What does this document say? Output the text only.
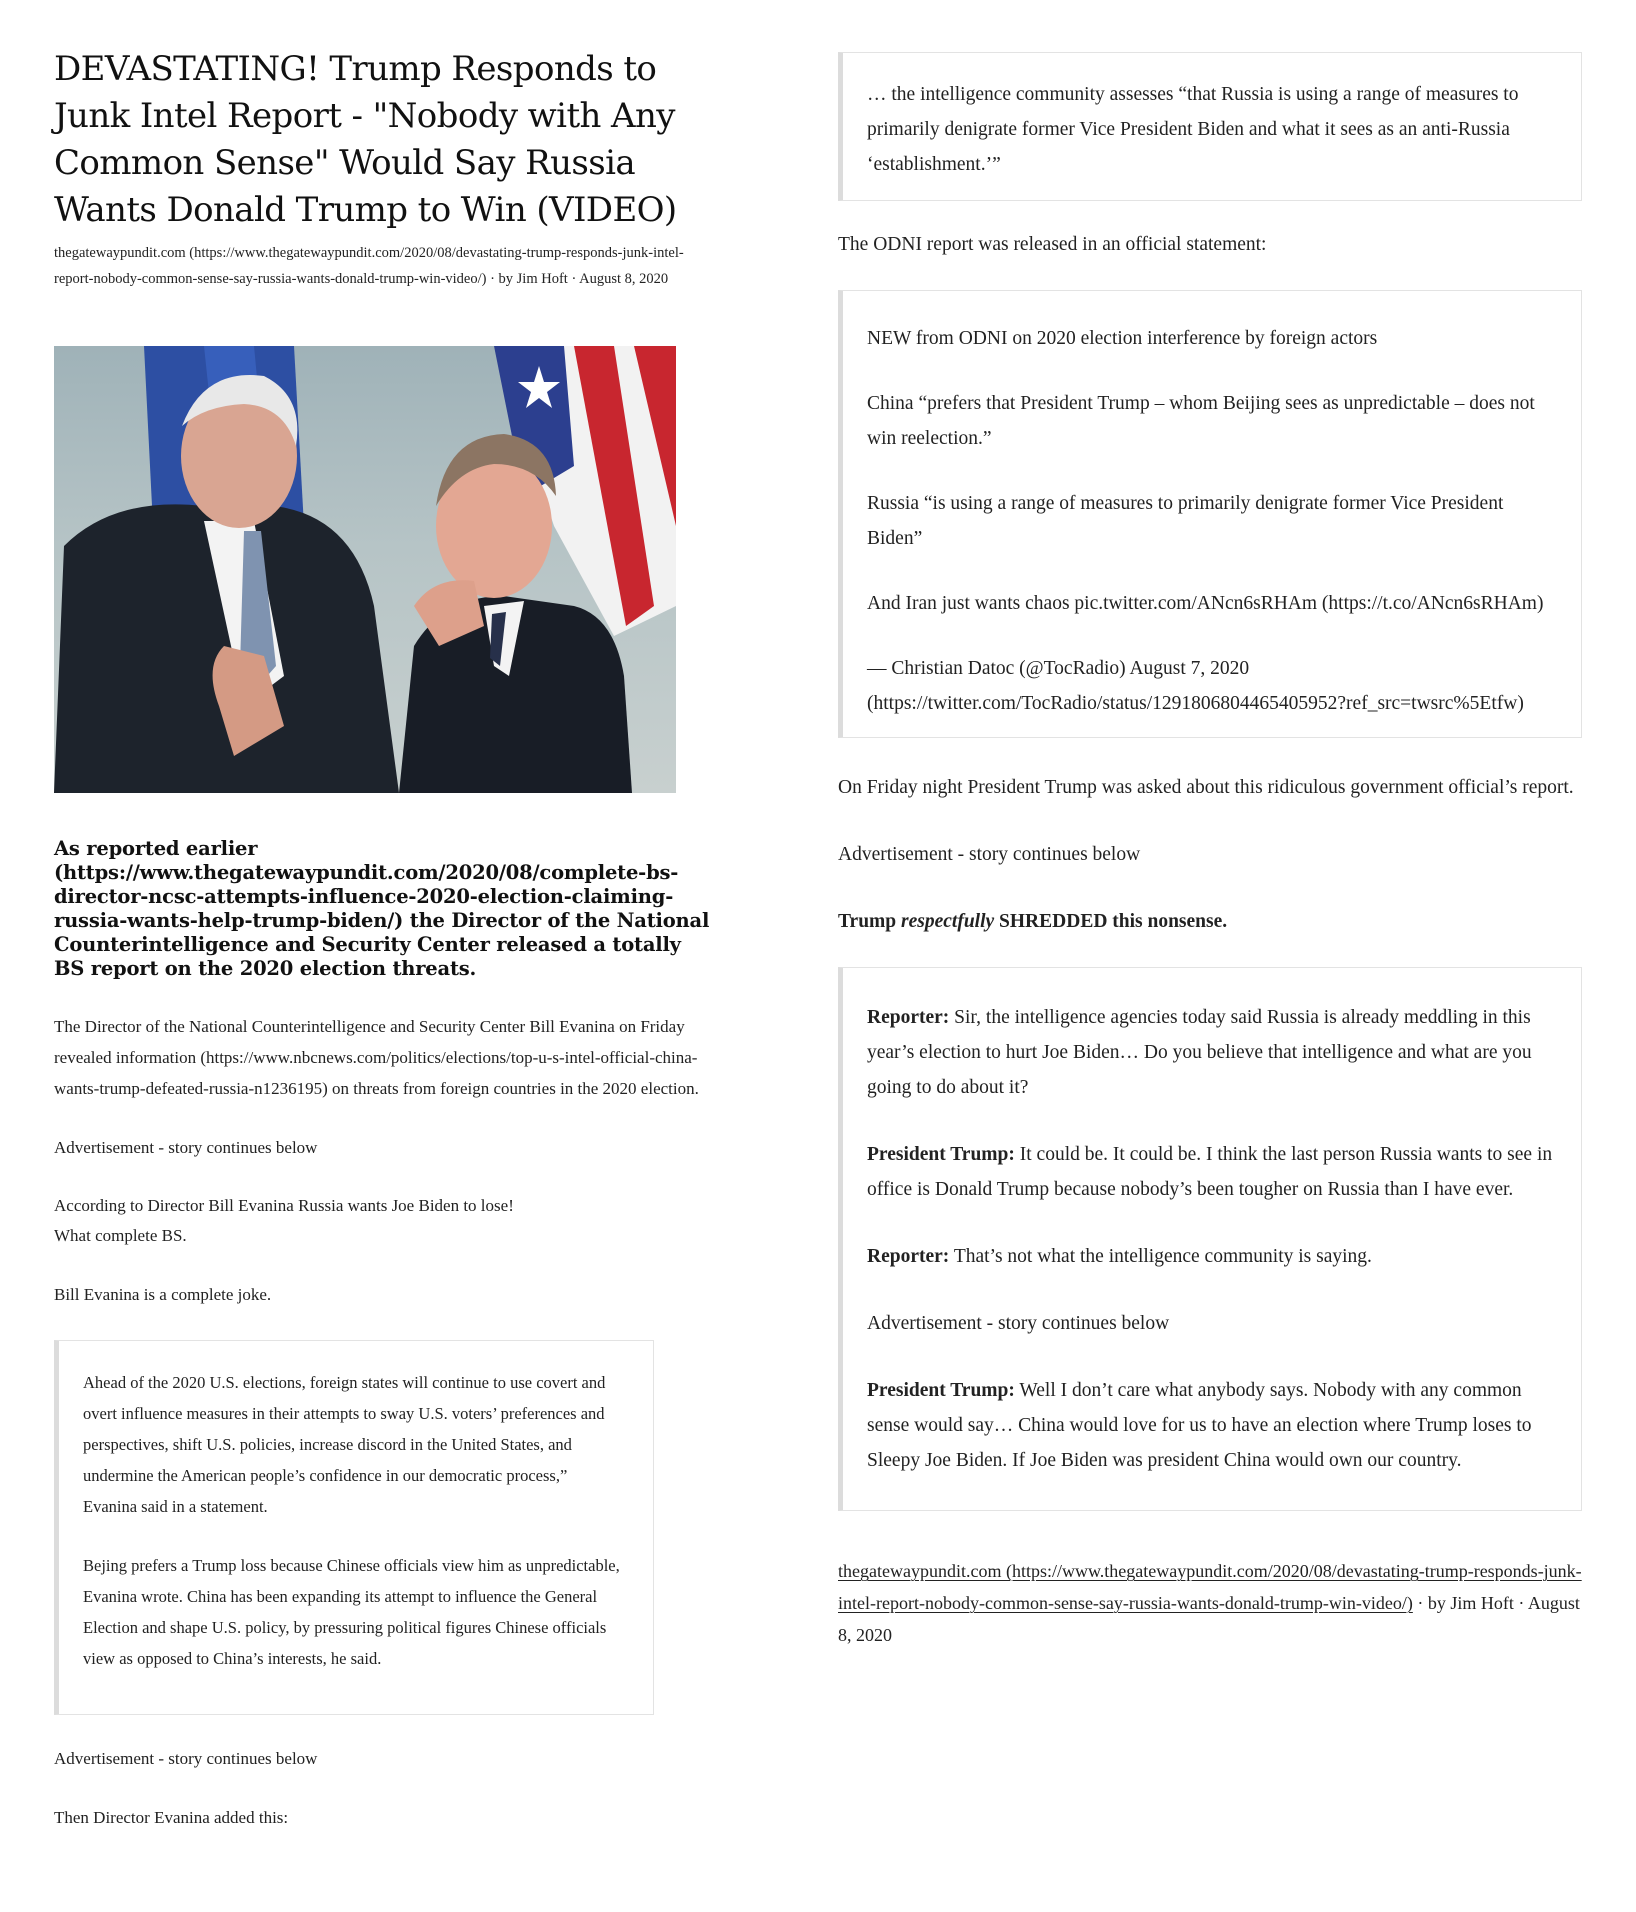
DEVASTATING! Trump Responds to Junk Intel Report - "Nobody with Any Common Sense" Would Say Russia Wants Donald Trump to Win (VIDEO)

thegatewaypundit.com (https://www.thegatewaypundit.com/2020/08/devastating-trump-responds-junk-intel-report-nobody-common-sense-say-russia-wants-donald-trump-win-video/) · by Jim Hoft · August 8, 2020

As reported earlier (https://www.thegatewaypundit.com/2020/08/complete-bs-director-ncsc-attempts-influence-2020-election-claiming-russia-wants-help-trump-biden/) the Director of the National Counterintelligence and Security Center released a totally BS report on the 2020 election threats.

The Director of the National Counterintelligence and Security Center Bill Evanina on Friday revealed information (https://www.nbcnews.com/politics/elections/top-u-s-intel-official-china-wants-trump-defeated-russia-n1236195) on threats from foreign countries in the 2020 election.

Advertisement - story continues below

According to Director Bill Evanina Russia wants Joe Biden to lose!

What complete BS.

Bill Evanina is a complete joke.

Ahead of the 2020 U.S. elections, foreign states will continue to use covert and overt influence measures in their attempts to sway U.S. voters’ preferences and perspectives, shift U.S. policies, increase discord in the United States, and undermine the American people’s confidence in our democratic process,” Evanina said in a statement.

Bejing prefers a Trump loss because Chinese officials view him as unpredictable, Evanina wrote. China has been expanding its attempt to influence the General Election and shape U.S. policy, by pressuring political figures Chinese officials view as opposed to China’s interests, he said.

Advertisement - story continues below

Then Director Evanina added this:

… the intelligence community assesses “that Russia is using a range of measures to primarily denigrate former Vice President Biden and what it sees as an anti-Russia ‘establishment.’”

The ODNI report was released in an official statement:

NEW from ODNI on 2020 election interference by foreign actors

China “prefers that President Trump – whom Beijing sees as unpredictable – does not win reelection.”

Russia “is using a range of measures to primarily denigrate former Vice President Biden”

And Iran just wants chaos pic.twitter.com/ANcn6sRHAm (https://t.co/ANcn6sRHAm)

— Christian Datoc (@TocRadio) August 7, 2020 (https://twitter.com/TocRadio/status/1291806804465405952?ref_src=twsrc%5Etfw)

On Friday night President Trump was asked about this ridiculous government official’s report.

Advertisement - story continues below

Trump respectfully SHREDDED this nonsense.

Reporter: Sir, the intelligence agencies today said Russia is already meddling in this year’s election to hurt Joe Biden… Do you believe that intelligence and what are you going to do about it?

President Trump: It could be. It could be. I think the last person Russia wants to see in office is Donald Trump because nobody’s been tougher on Russia than I have ever.

Reporter: That’s not what the intelligence community is saying.

Advertisement - story continues below

President Trump: Well I don’t care what anybody says. Nobody with any common sense would say… China would love for us to have an election where Trump loses to Sleepy Joe Biden. If Joe Biden was president China would own our country.

thegatewaypundit.com (https://www.thegatewaypundit.com/2020/08/devastating-trump-responds-junk-intel-report-nobody-common-sense-say-russia-wants-donald-trump-win-video/) · by Jim Hoft · August 8, 2020
